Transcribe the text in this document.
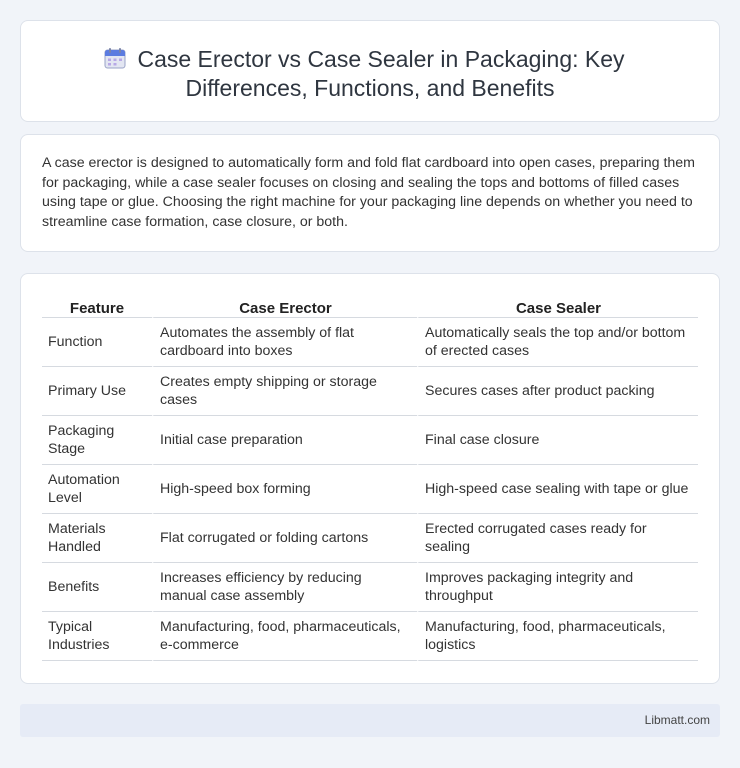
Case Erector vs Case Sealer in Packaging: Key
Differences, Functions, and Benefits

A case erector is designed to automatically form and fold flat cardboard into open cases, preparing them for packaging, while a case sealer focuses on closing and sealing the tops and bottoms of filled cases using tape or glue. Choosing the right machine for your packaging line depends on whether you need to streamline case formation, case closure, or both.

Feature	Case Erector	Case Sealer
Function	Automates the assembly of flat cardboard into boxes	Automatically seals the top and/or bottom of erected cases
Primary Use	Creates empty shipping or storage cases	Secures cases after product packing
Packaging Stage	Initial case preparation	Final case closure
Automation Level	High-speed box forming	High-speed case sealing with tape or glue
Materials Handled	Flat corrugated or folding cartons	Erected corrugated cases ready for sealing
Benefits	Increases efficiency by reducing manual case assembly	Improves packaging integrity and throughput
Typical Industries	Manufacturing, food, pharmaceuticals, e-commerce	Manufacturing, food, pharmaceuticals, logistics
Libmatt.com
